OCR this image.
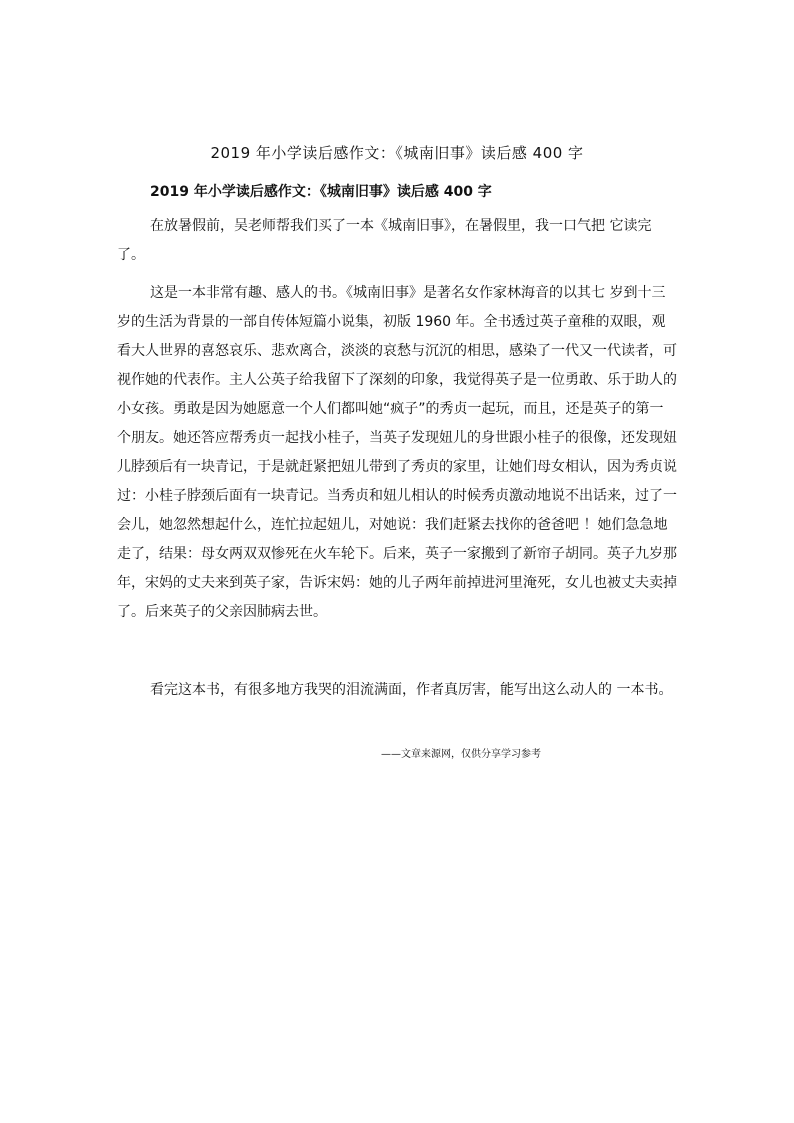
2019 年小学读后感作文：《城南旧事》读后感 400 字
2019 年小学读后感作文：《城南旧事》读后感 400 字

在放暑假前，吴老师帮我们买了一本《城南旧事》，在暑假里，我一口气把 它读完了。

这是一本非常有趣、感人的书。《城南旧事》是著名女作家林海音的以其七 岁到十三岁的生活为背景的一部自传体短篇小说集，初版 1960 年。全书透过英子童稚的双眼，观看大人世界的喜怒哀乐、悲欢离合，淡淡的哀愁与沉沉的相思，感染了一代又一代读者，可视作她的代表作。主人公英子给我留下了深刻的印象，我觉得英子是一位勇敢、乐于助人的小女孩。勇敢是因为她愿意一个人们都叫她“疯子”的秀贞一起玩，而且，还是英子的第一个朋友。她还答应帮秀贞一起找小桂子，当英子发现妞儿的身世跟小桂子的很像，还发现妞儿脖颈后有一块青记，于是就赶紧把妞儿带到了秀贞的家里，让她们母女相认，因为秀贞说过：小桂子脖颈后面有一块青记。当秀贞和妞儿相认的时候秀贞激动地说不出话来，过了一 会儿，她忽然想起什么，连忙拉起妞儿，对她说：我们赶紧去找你的爸爸吧 ！她们急急地走了，结果：母女两双双惨死在火车轮下。后来，英子一家搬到了新帘子胡同。英子九岁那年，宋妈的丈夫来到英子家，告诉宋妈：她的儿子两年前掉进河里淹死，女儿也被丈夫卖掉了。后来英子的父亲因肺病去世。

看完这本书，有很多地方我哭的泪流满面，作者真厉害，能写出这么动人的 一本书。

——文章来源网，仅供分享学习参考
